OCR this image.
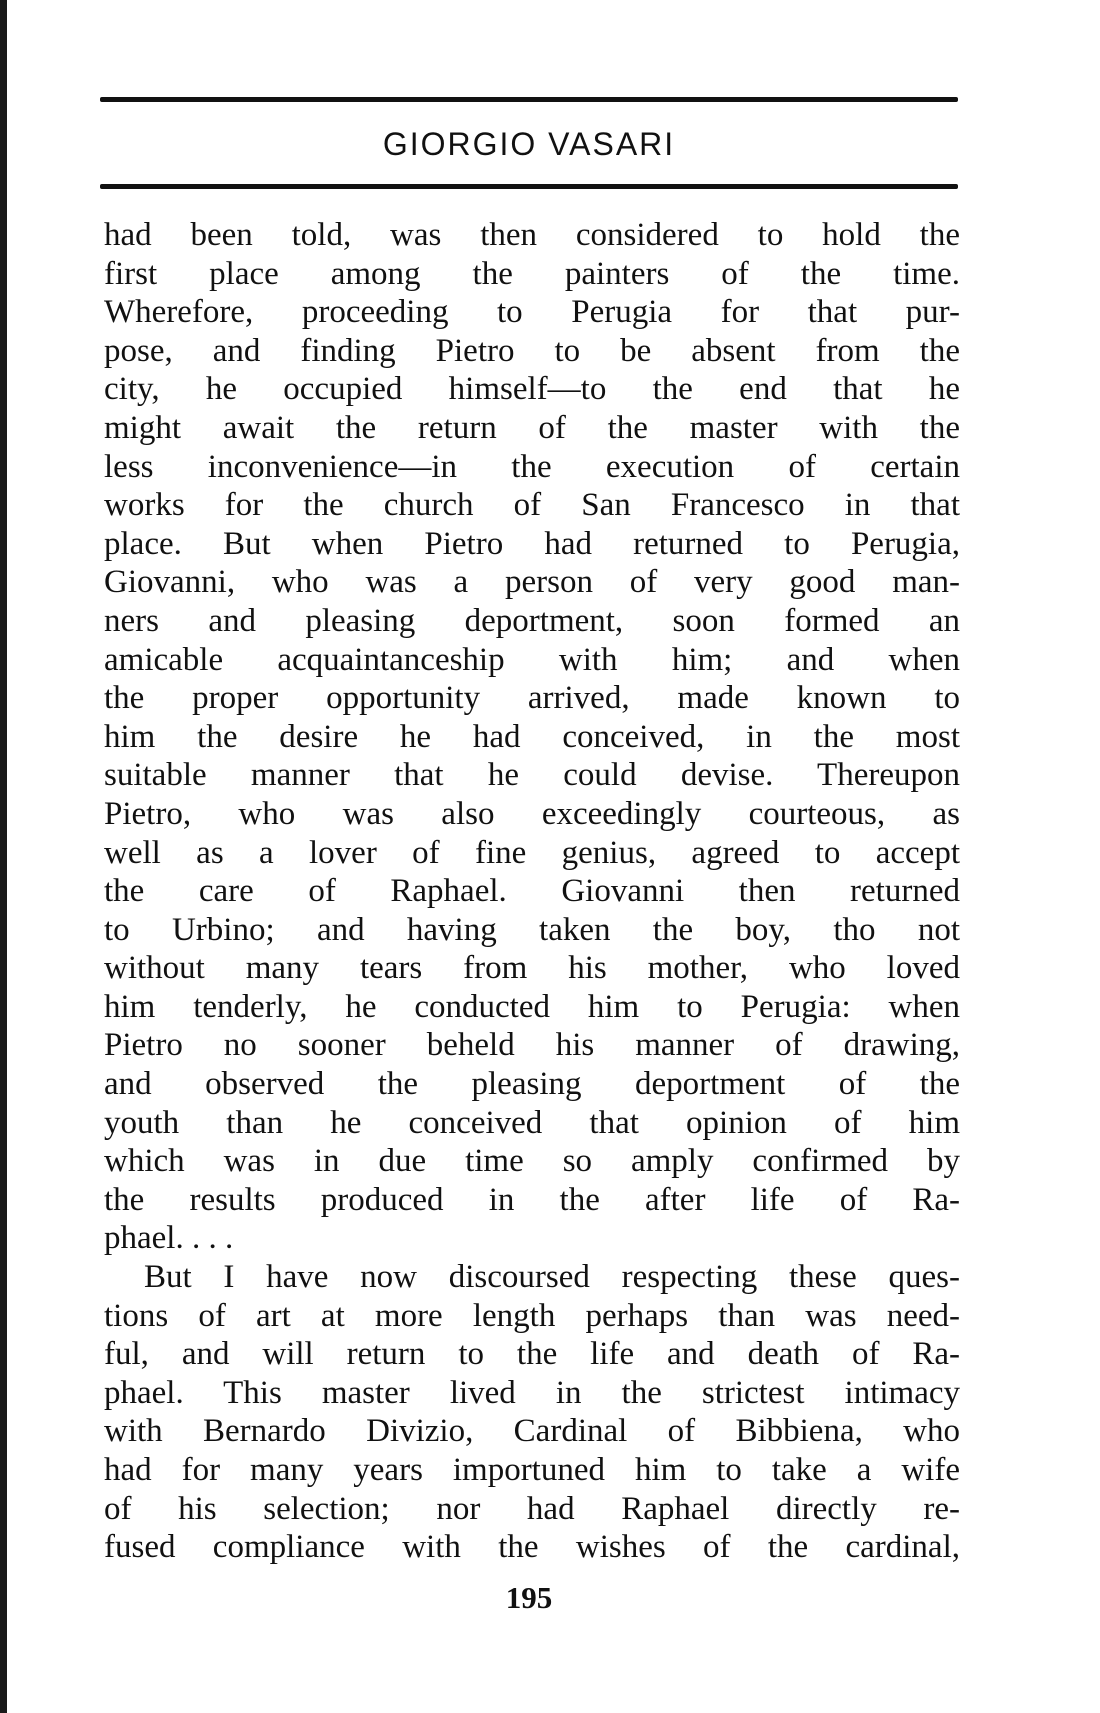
GIORGIO VASARI
had been told, was then considered to hold the
first place among the painters of the time.
Wherefore, proceeding to Perugia for that pur-
pose, and finding Pietro to be absent from the
city, he occupied himself—to the end that he
might await the return of the master with the
less inconvenience—in the execution of certain
works for the church of San Francesco in that
place. But when Pietro had returned to Perugia,
Giovanni, who was a person of very good man-
ners and pleasing deportment, soon formed an
amicable acquaintanceship with him; and when
the proper opportunity arrived, made known to
him the desire he had conceived, in the most
suitable manner that he could devise. Thereupon
Pietro, who was also exceedingly courteous, as
well as a lover of fine genius, agreed to accept
the care of Raphael. Giovanni then returned
to Urbino; and having taken the boy, tho not
without many tears from his mother, who loved
him tenderly, he conducted him to Perugia: when
Pietro no sooner beheld his manner of drawing,
and observed the pleasing deportment of the
youth than he conceived that opinion of him
which was in due time so amply confirmed by
the results produced in the after life of Ra-
phael. . . .
But I have now discoursed respecting these ques-
tions of art at more length perhaps than was need-
ful, and will return to the life and death of Ra-
phael. This master lived in the strictest intimacy
with Bernardo Divizio, Cardinal of Bibbiena, who
had for many years importuned him to take a wife
of his selection; nor had Raphael directly re-
fused compliance with the wishes of the cardinal,
195
